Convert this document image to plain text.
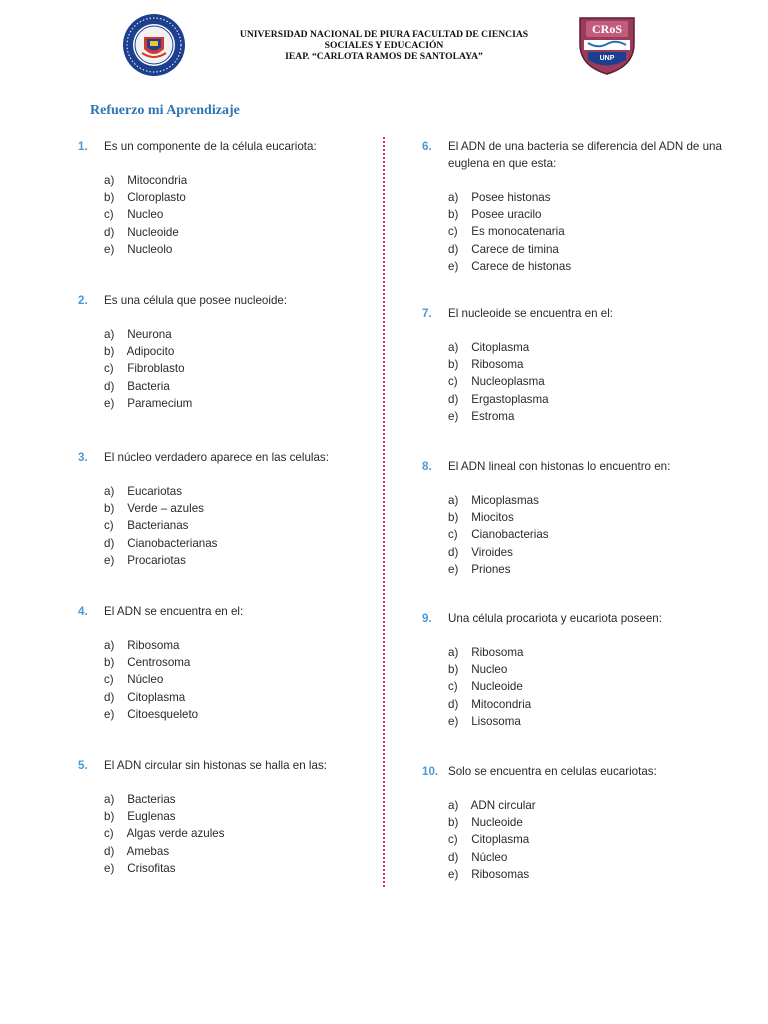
UNIVERSIDAD NACIONAL DE PIURA FACULTAD DE CIENCIAS
SOCIALES Y EDUCACIÓN
IEAP. “CARLOTA RAMOS DE SANTOLAYA”
CRoS
UNP
Refuerzo mi Aprendizaje
1. Es un componente de la célula eucariota:
a) Mitocondria
b) Cloroplasto
c) Nucleo
d) Nucleoide
e) Nucleolo
2. Es una célula que posee nucleoide:
a) Neurona
b) Adipocito
c) Fibroblasto
d) Bacteria
e) Paramecium
3. El núcleo verdadero aparece en las celulas:
a) Eucariotas
b) Verde – azules
c) Bacterianas
d) Cianobacterianas
e) Procariotas
4. El ADN se encuentra en el:
a) Ribosoma
b) Centrosoma
c) Núcleo
d) Citoplasma
e) Citoesqueleto
5. El ADN circular sin histonas se halla en las:
a) Bacterias
b) Euglenas
c) Algas verde azules
d) Amebas
e) Crisofitas
6. El ADN de una bacteria se diferencia del ADN de una euglena en que esta:
a) Posee histonas
b) Posee uracilo
c) Es monocatenaria
d) Carece de timina
e) Carece de histonas
7. El nucleoide se encuentra en el:
a) Citoplasma
b) Ribosoma
c) Nucleoplasma
d) Ergastoplasma
e) Estroma
8. El ADN lineal con histonas lo encuentro en:
a) Micoplasmas
b) Miocitos
c) Cianobacterias
d) Viroides
e) Priones
9. Una célula procariota y eucariota poseen:
a) Ribosoma
b) Nucleo
c) Nucleoide
d) Mitocondria
e) Lisosoma
10. Solo se encuentra en celulas eucariotas:
a) ADN circular
b) Nucleoide
c) Citoplasma
d) Núcleo
e) Ribosomas
